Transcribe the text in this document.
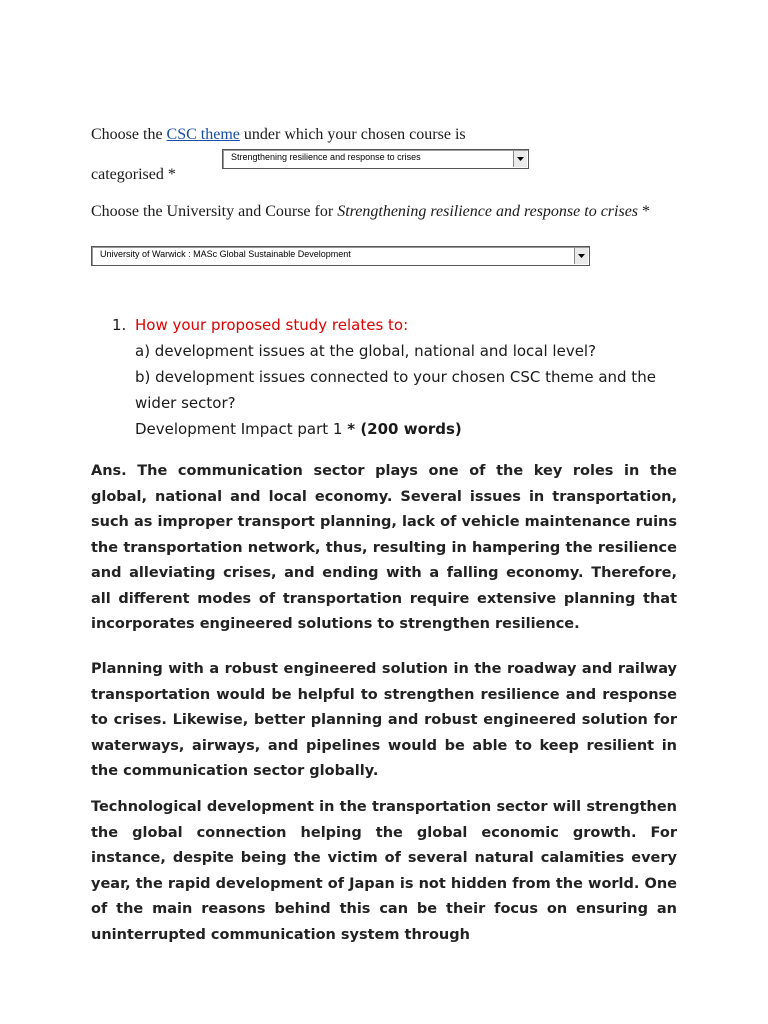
Choose the CSC theme under which your chosen course is
Strengthening resilience and response to crises
categorised *
Choose the University and Course for Strengthening resilience and response to crises *
University of Warwick : MASc Global Sustainable Development
1. How your proposed study relates to:
a) development issues at the global, national and local level?
b) development issues connected to your chosen CSC theme and the
wider sector?
Development Impact part 1 * (200 words)
Ans. The communication sector plays one of the key roles in the global, national and local economy. Several issues in transportation, such as improper transport planning, lack of vehicle maintenance ruins the transportation network, thus, resulting in hampering the resilience and alleviating crises, and ending with a falling economy. Therefore, all different modes of transportation require extensive planning that incorporates engineered solutions to strengthen resilience.
Planning with a robust engineered solution in the roadway and railway transportation would be helpful to strengthen resilience and response to crises. Likewise, better planning and robust engineered solution for waterways, airways, and pipelines would be able to keep resilient in the communication sector globally.
Technological development in the transportation sector will strengthen the global connection helping the global economic growth. For instance, despite being the victim of several natural calamities every year, the rapid development of Japan is not hidden from the world. One of the main reasons behind this can be their focus on ensuring an uninterrupted communication system through
